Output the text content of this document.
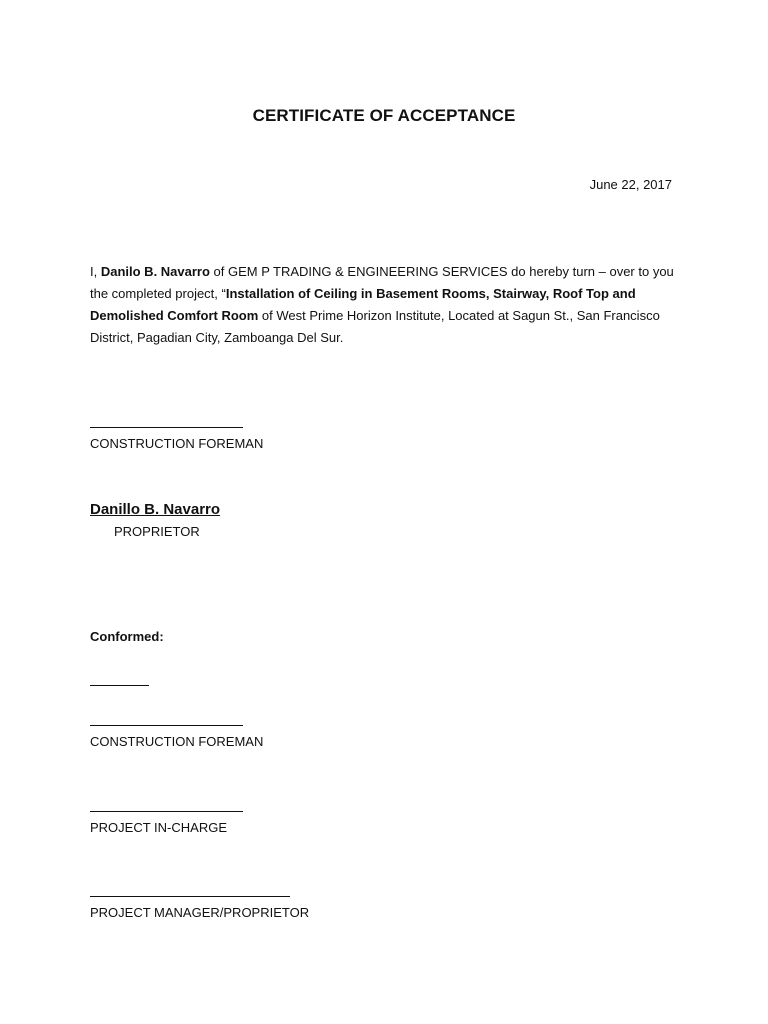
CERTIFICATE OF ACCEPTANCE
June 22, 2017
I, Danilo B. Navarro of GEM P TRADING & ENGINEERING SERVICES do hereby turn – over to you the completed project, “Installation of Ceiling in Basement Rooms, Stairway, Roof Top and Demolished Comfort Room of West Prime Horizon Institute, Located at Sagun St., San Francisco District, Pagadian City, Zamboanga Del Sur.
CONSTRUCTION FOREMAN
Danillo B. Navarro
PROPRIETOR
Conformed:
CONSTRUCTION FOREMAN
PROJECT IN-CHARGE
PROJECT MANAGER/PROPRIETOR
